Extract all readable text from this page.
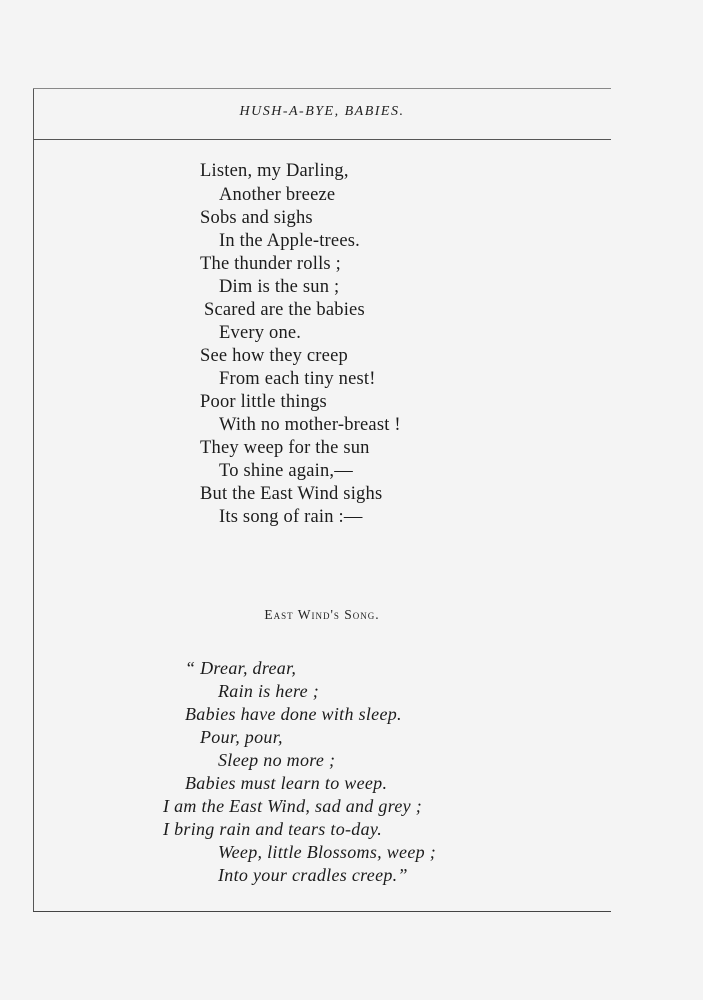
HUSH-A-BYE, BABIES.
Listen, my Darling,
Another breeze
Sobs and sighs
In the Apple-trees.
The thunder rolls ;
Dim is the sun ;
Scared are the babies
Every one.
See how they creep
From each tiny nest!
Poor little things
With no mother-breast !
They weep for the sun
To shine again,—
But the East Wind sighs
Its song of rain :—
East Wind's Song.
“ Drear, drear,
Rain is here ;
Babies have done with sleep.
Pour, pour,
Sleep no more ;
Babies must learn to weep.
I am the East Wind, sad and grey ;
I bring rain and tears to-day.
Weep, little Blossoms, weep ;
Into your cradles creep.”
